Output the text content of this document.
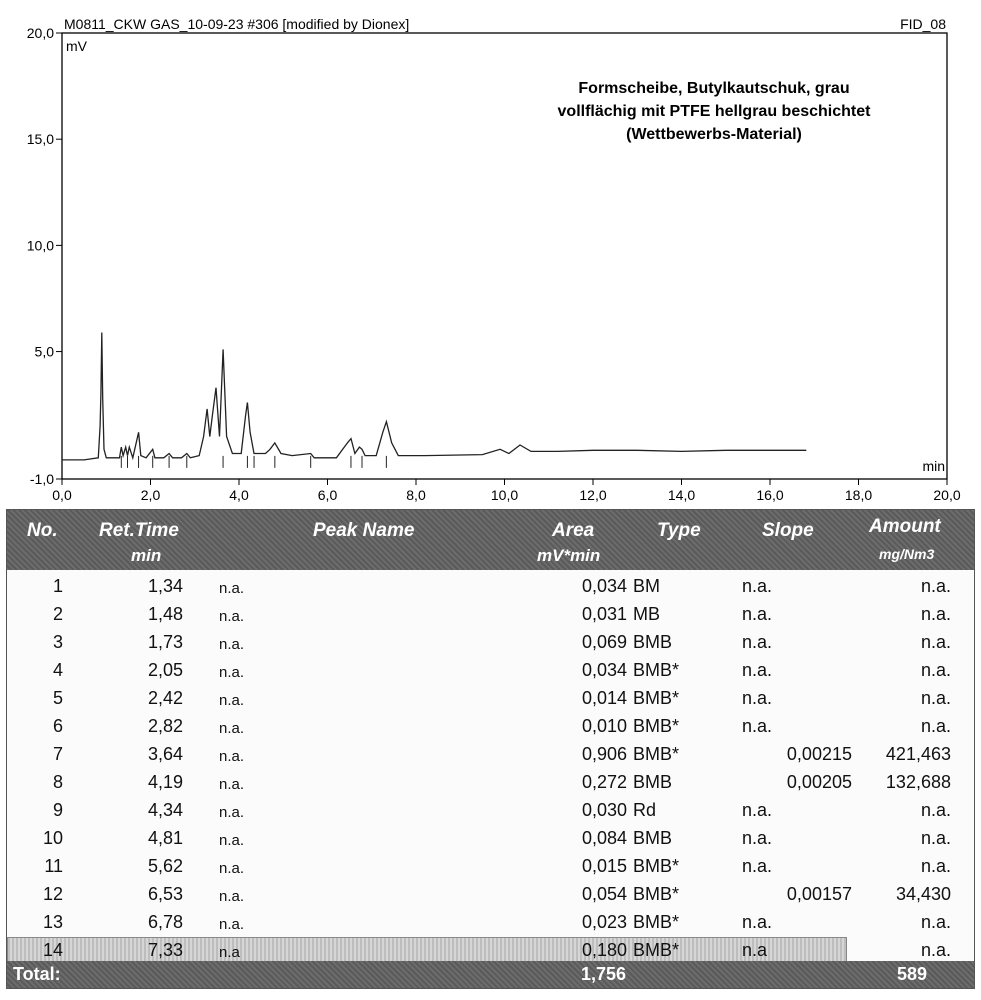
M0811_CKW GAS_10-09-23 #306 [modified by Dionex]	FID_08
mV
min
Formscheibe, Butylkautschuk, grau
vollflächig mit PTFE hellgrau beschichtet
(Wettbewerbs-Material)
-1,0
5,0
10,0
15,0
20,0
0,0	2,0	4,0	6,0	8,0	10,0	12,0	14,0	16,0	18,0	20,0
No. Ret.Time
min
Peak Name	Area
mV*min
Type	Slope	Amount
mg/Nm3
1	1,34 n.a.	0,034 BM	n.a.	n.a.
2	1,48 n.a.	0,031 MB	n.a.	n.a.
3	1,73 n.a.	0,069 BMB	n.a.	n.a.
4	2,05 n.a.	0,034 BMB*	n.a.	n.a.
5	2,42 n.a.	0,014 BMB*	n.a.	n.a.
6	2,82 n.a.	0,010 BMB*	n.a.	n.a.
7	3,64 n.a.	0,906 BMB*	0,00215	421,463
8	4,19 n.a.	0,272 BMB	0,00205	132,688
9	4,34 n.a.	0,030 Rd	n.a.	n.a.
10	4,81 n.a.	0,084 BMB	n.a.	n.a.
11	5,62 n.a.	0,015 BMB*	n.a.	n.a.
12	6,53 n.a.	0,054 BMB*	0,00157	34,430
13	6,78 n.a.	0,023 BMB*	n.a.	n.a.
14	7,33 n.a	0,180 BMB*	n.a	n.a.
Total:	1,756	589
